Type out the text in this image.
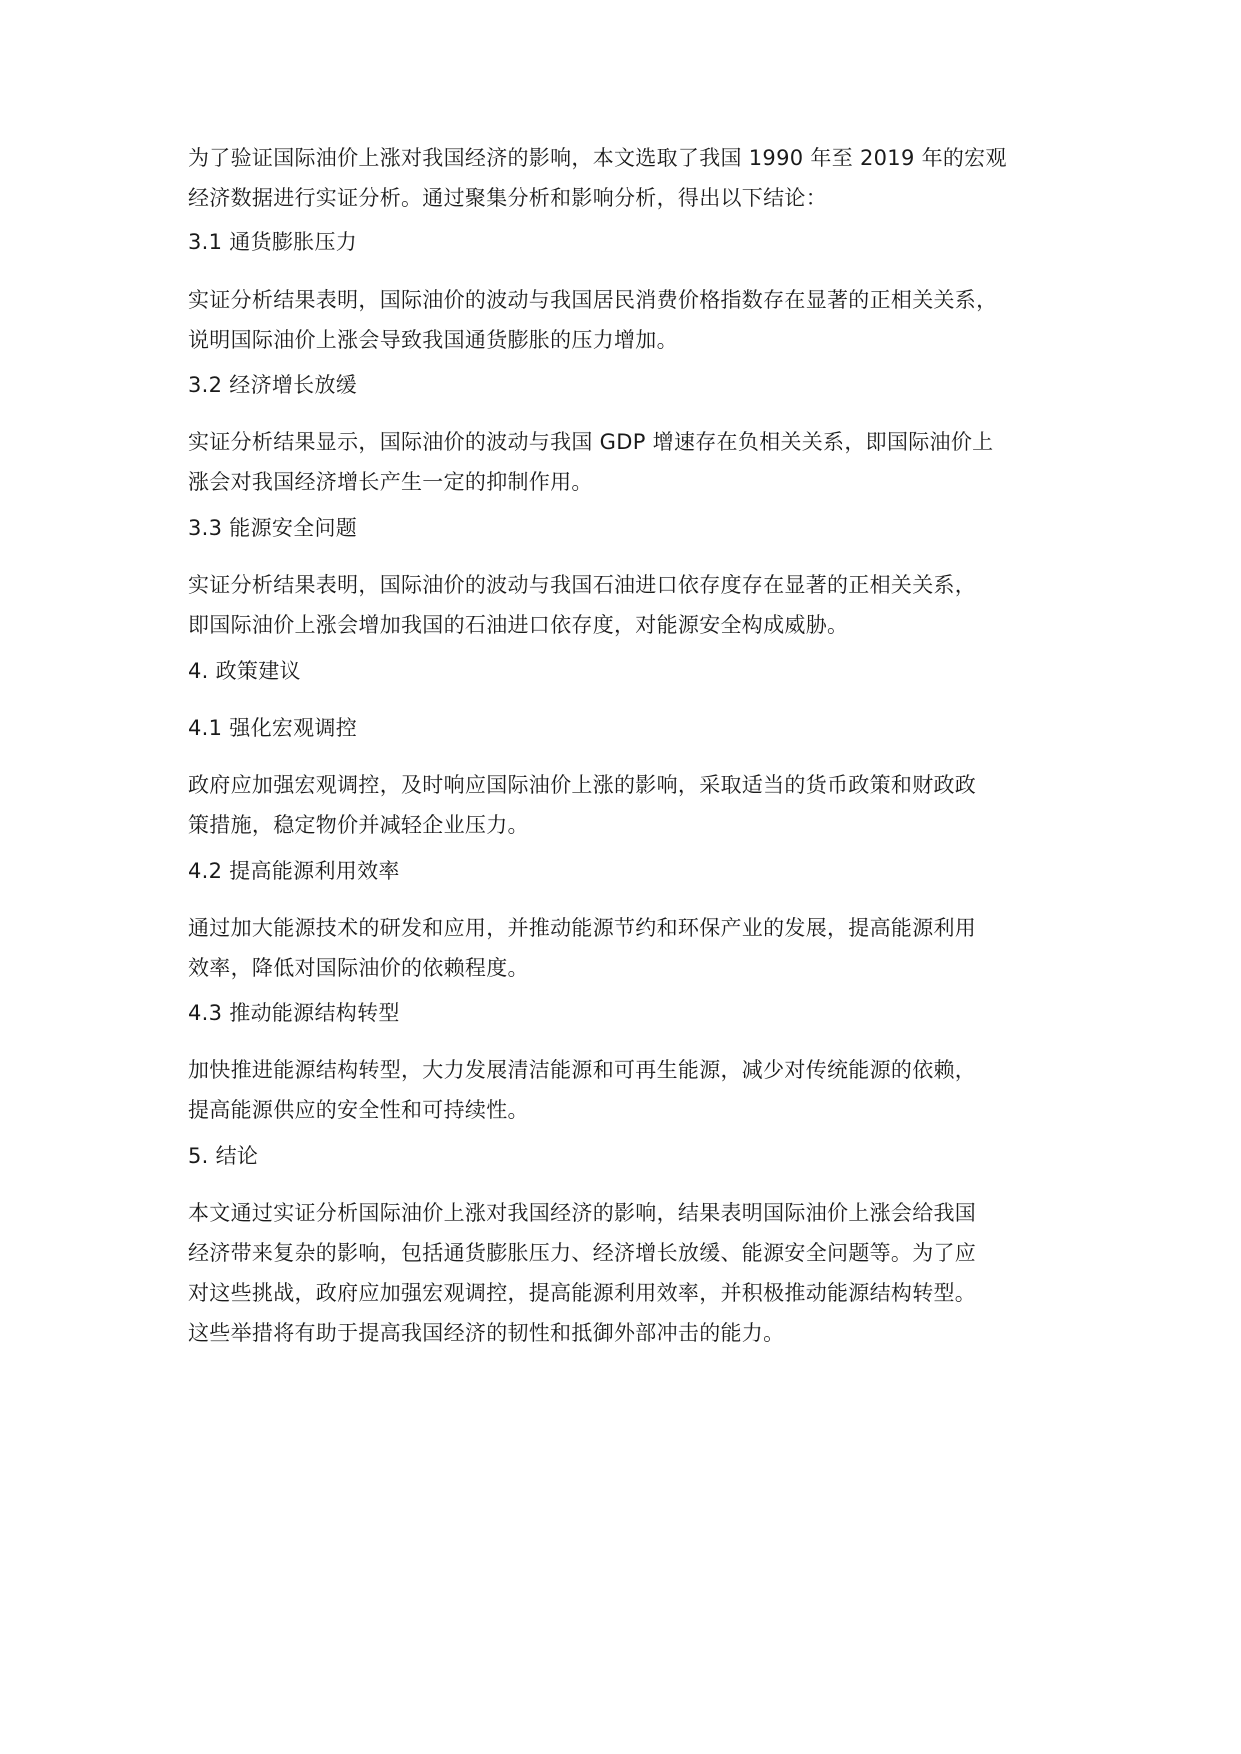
为了验证国际油价上涨对我国经济的影响，本文选取了我国 1990 年至 2019 年的宏观
经济数据进行实证分析。通过聚集分析和影响分析，得出以下结论：

3.1 通货膨胀压力

实证分析结果表明，国际油价的波动与我国居民消费价格指数存在显著的正相关关系，
说明国际油价上涨会导致我国通货膨胀的压力增加。

3.2 经济增长放缓

实证分析结果显示，国际油价的波动与我国 GDP 增速存在负相关关系，即国际油价上
涨会对我国经济增长产生一定的抑制作用。

3.3 能源安全问题

实证分析结果表明，国际油价的波动与我国石油进口依存度存在显著的正相关关系，
即国际油价上涨会增加我国的石油进口依存度，对能源安全构成威胁。

4. 政策建议
4.1 强化宏观调控

政府应加强宏观调控，及时响应国际油价上涨的影响，采取适当的货币政策和财政政
策措施，稳定物价并减轻企业压力。

4.2 提高能源利用效率

通过加大能源技术的研发和应用，并推动能源节约和环保产业的发展，提高能源利用
效率，降低对国际油价的依赖程度。

4.3 推动能源结构转型

加快推进能源结构转型，大力发展清洁能源和可再生能源，减少对传统能源的依赖，
提高能源供应的安全性和可持续性。

5. 结论

本文通过实证分析国际油价上涨对我国经济的影响，结果表明国际油价上涨会给我国
经济带来复杂的影响，包括通货膨胀压力、经济增长放缓、能源安全问题等。为了应
对这些挑战，政府应加强宏观调控，提高能源利用效率，并积极推动能源结构转型。
这些举措将有助于提高我国经济的韧性和抵御外部冲击的能力。
